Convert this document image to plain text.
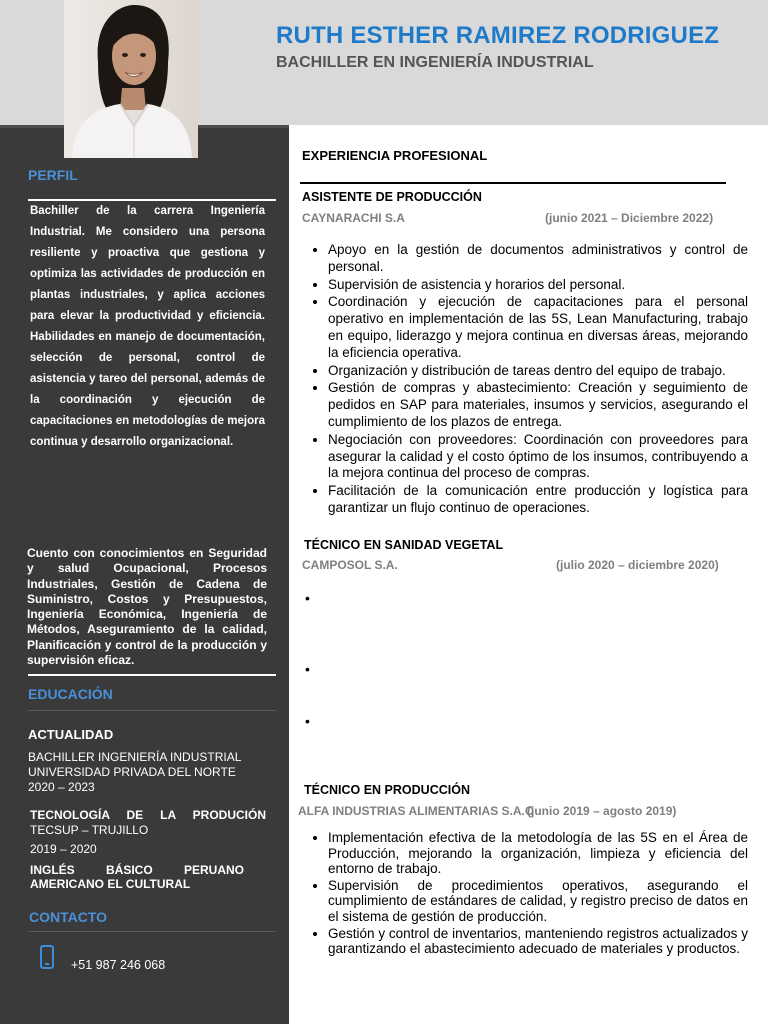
RUTH ESTHER RAMIREZ RODRIGUEZ
BACHILLER EN INGENIERÍA INDUSTRIAL
PERFIL
Bachiller de la carrera Ingeniería Industrial. Me considero una persona resiliente y proactiva que gestiona y optimiza las actividades de producción en plantas industriales, y aplica acciones para elevar la productividad y eficiencia. Habilidades en manejo de documentación, selección de personal, control de asistencia y tareo del personal, además de la coordinación y ejecución de capacitaciones en metodologías de mejora continua y desarrollo organizacional.
Cuento con conocimientos en Seguridad y salud Ocupacional, Procesos Industriales, Gestión de Cadena de Suministro, Costos y Presupuestos, Ingeniería Económica, Ingeniería de Métodos, Aseguramiento de la calidad, Planificación y control de la producción y supervisión eficaz.
EDUCACIÓN
ACTUALIDAD
BACHILLER INGENIERÍA INDUSTRIAL
UNIVERSIDAD PRIVADA DEL NORTE
2020 – 2023
TECNOLOGÍA DE LA PRODUCIÓN
TECSUP – TRUJILLO
2019 – 2020
INGLÉS BÁSICO PERUANO AMERICANO EL CULTURAL
CONTACTO
+51 987 246 068
EXPERIENCIA PROFESIONAL
ASISTENTE DE PRODUCCIÓN
CAYNARACHI S.A	(junio 2021 – Diciembre 2022)
• Apoyo en la gestión de documentos administrativos y control de personal.
• Supervisión de asistencia y horarios del personal.
• Coordinación y ejecución de capacitaciones para el personal operativo en implementación de las 5S, Lean Manufacturing, trabajo en equipo, liderazgo y mejora continua en diversas áreas, mejorando la eficiencia operativa.
• Organización y distribución de tareas dentro del equipo de trabajo.
• Gestión de compras y abastecimiento: Creación y seguimiento de pedidos en SAP para materiales, insumos y servicios, asegurando el cumplimiento de los plazos de entrega.
• Negociación con proveedores: Coordinación con proveedores para asegurar la calidad y el costo óptimo de los insumos, contribuyendo a la mejora continua del proceso de compras.
• Facilitación de la comunicación entre producción y logística para garantizar un flujo continuo de operaciones.
TÉCNICO EN SANIDAD VEGETAL
CAMPOSOL S.A.	(julio 2020 – diciembre 2020)
•
•
•
TÉCNICO EN PRODUCCIÓN
ALFA INDUSTRIAS ALIMENTARIAS S.A.C
(junio 2019 – agosto 2019)
• Implementación efectiva de la metodología de las 5S en el Área de Producción, mejorando la organización, limpieza y eficiencia del entorno de trabajo.
• Supervisión de procedimientos operativos, asegurando el cumplimiento de estándares de calidad, y registro preciso de datos en el sistema de gestión de producción.
• Gestión y control de inventarios, manteniendo registros actualizados y garantizando el abastecimiento adecuado de materiales y productos.
